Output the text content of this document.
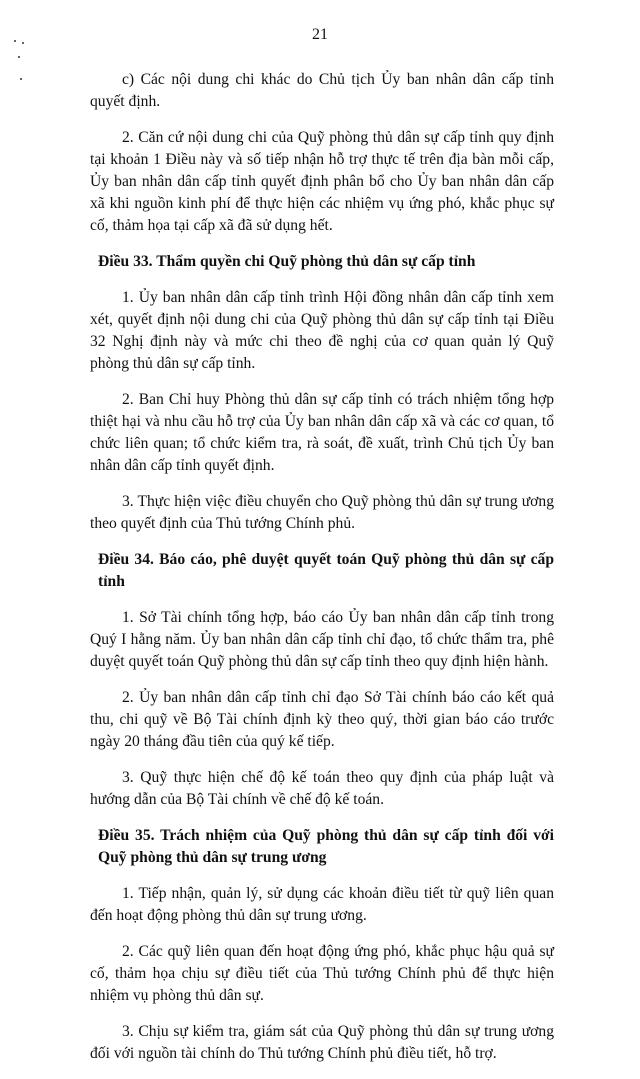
21

c) Các nội dung chi khác do Chủ tịch Ủy ban nhân dân cấp tỉnh quyết định.

2. Căn cứ nội dung chi của Quỹ phòng thủ dân sự cấp tỉnh quy định tại khoản 1 Điều này và số tiếp nhận hỗ trợ thực tế trên địa bàn mỗi cấp, Ủy ban nhân dân cấp tỉnh quyết định phân bổ cho Ủy ban nhân dân cấp xã khi nguồn kinh phí để thực hiện các nhiệm vụ ứng phó, khắc phục sự cố, thảm họa tại cấp xã đã sử dụng hết.

Điều 33. Thẩm quyền chi Quỹ phòng thủ dân sự cấp tỉnh

1. Ủy ban nhân dân cấp tỉnh trình Hội đồng nhân dân cấp tỉnh xem xét, quyết định nội dung chi của Quỹ phòng thủ dân sự cấp tỉnh tại Điều 32 Nghị định này và mức chi theo đề nghị của cơ quan quản lý Quỹ phòng thủ dân sự cấp tỉnh.

2. Ban Chỉ huy Phòng thủ dân sự cấp tỉnh có trách nhiệm tổng hợp thiệt hại và nhu cầu hỗ trợ của Ủy ban nhân dân cấp xã và các cơ quan, tổ chức liên quan; tổ chức kiểm tra, rà soát, đề xuất, trình Chủ tịch Ủy ban nhân dân cấp tỉnh quyết định.

3. Thực hiện việc điều chuyển cho Quỹ phòng thủ dân sự trung ương theo quyết định của Thủ tướng Chính phủ.

Điều 34. Báo cáo, phê duyệt quyết toán Quỹ phòng thủ dân sự cấp tỉnh

1. Sở Tài chính tổng hợp, báo cáo Ủy ban nhân dân cấp tỉnh trong Quý I hằng năm. Ủy ban nhân dân cấp tỉnh chỉ đạo, tổ chức thẩm tra, phê duyệt quyết toán Quỹ phòng thủ dân sự cấp tỉnh theo quy định hiện hành.

2. Ủy ban nhân dân cấp tỉnh chỉ đạo Sở Tài chính báo cáo kết quả thu, chi quỹ về Bộ Tài chính định kỳ theo quý, thời gian báo cáo trước ngày 20 tháng đầu tiên của quý kế tiếp.

3. Quỹ thực hiện chế độ kế toán theo quy định của pháp luật và hướng dẫn của Bộ Tài chính về chế độ kế toán.

Điều 35. Trách nhiệm của Quỹ phòng thủ dân sự cấp tỉnh đối với Quỹ phòng thủ dân sự trung ương

1. Tiếp nhận, quản lý, sử dụng các khoản điều tiết từ quỹ liên quan đến hoạt động phòng thủ dân sự trung ương.

2. Các quỹ liên quan đến hoạt động ứng phó, khắc phục hậu quả sự cố, thảm họa chịu sự điều tiết của Thủ tướng Chính phủ để thực hiện nhiệm vụ phòng thủ dân sự.

3. Chịu sự kiểm tra, giám sát của Quỹ phòng thủ dân sự trung ương đối với nguồn tài chính do Thủ tướng Chính phủ điều tiết, hỗ trợ.
